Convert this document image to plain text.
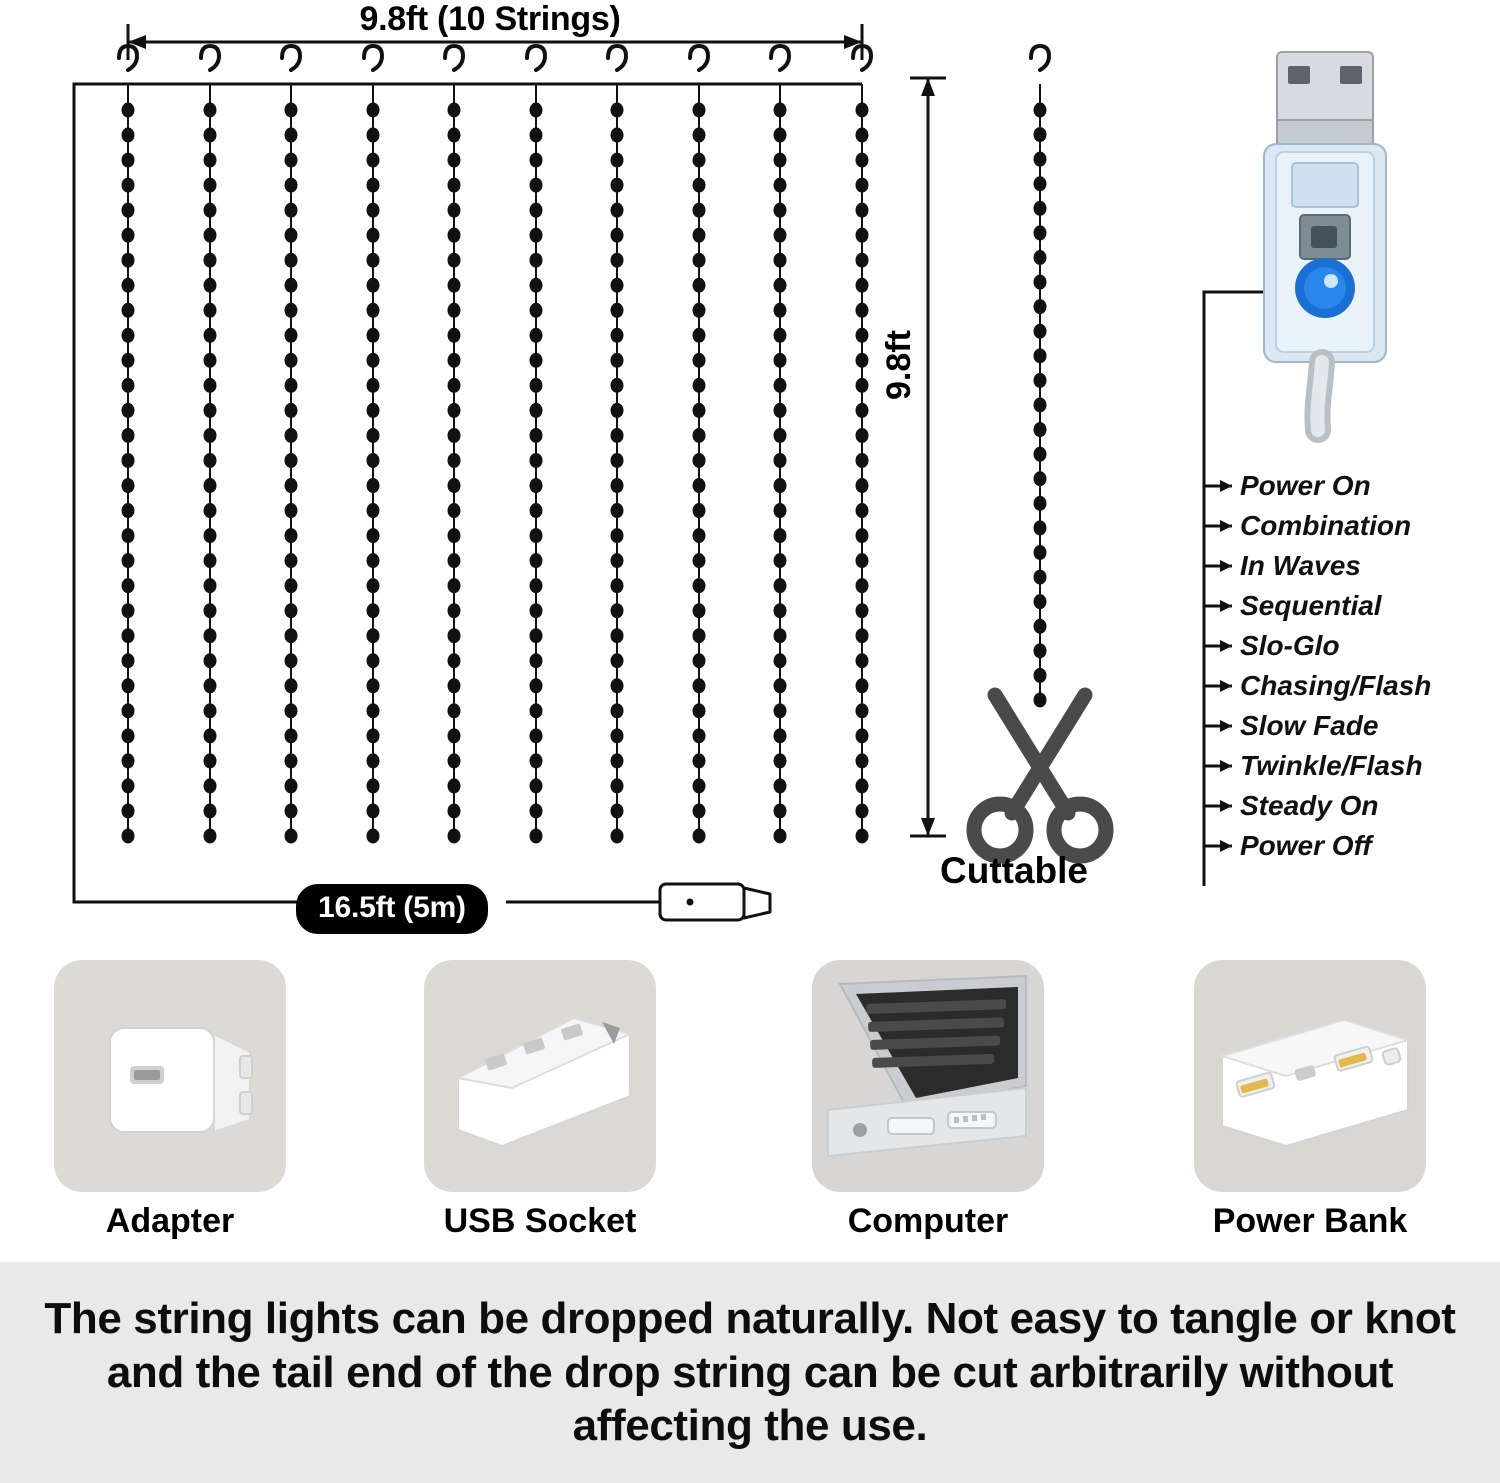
9.8ft (10 Strings)
9.8ft
Cuttable
16.5ft (5m)
Power On
Combination
In Waves
Sequential
Slo-Glo
Chasing/Flash
Slow Fade
Twinkle/Flash
Steady On
Power Off
Adapter	USB Socket	Computer	Power Bank
The string lights can be dropped naturally. Not easy to tangle or knot and the tail end of the drop string can be cut arbitrarily without affecting the use.
